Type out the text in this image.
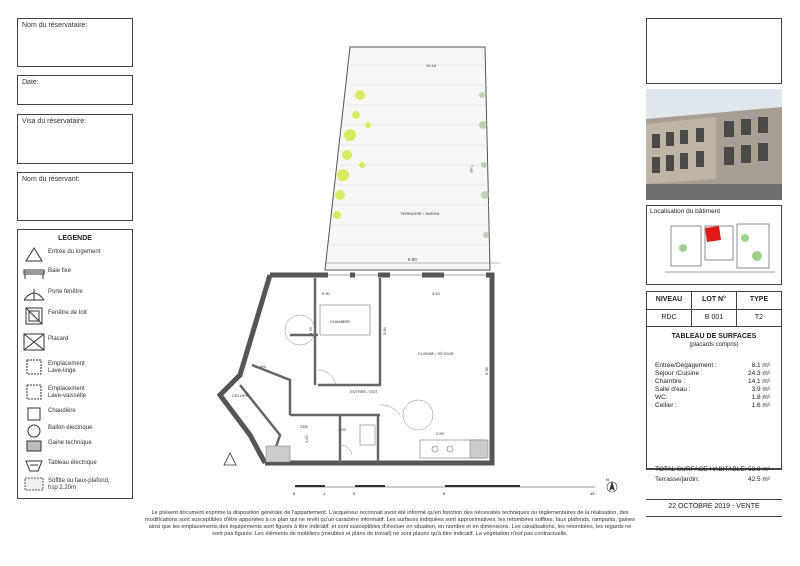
Nom du réservataire:
Date:
Visa du réservataire:
Nom du réservant:
LEGENDE
Entrée du logement
Baie fixe
Porte fenêtre
Fenêtre de toit
Placard
Emplacement
Lave-linge
Emplacement
Lave-vaisselle
Chaudière
Ballon électrique
Gaine technique
Tableau électrique
Soffite ou faux-plafond,
hsp 2.20m
TERRASSE / JARDIN
10.16
7.63
6.50
CHAMBRE
CUISINE / SÉJOUR
ENTRÉE / DGT
WC
SDE
CELLIER
0.90	3.53
3.78	3.84
6.38
2.69
1.93
1.62
0	1	2	5	10
N
Localisation du bâtiment
NIVEAU	LOT N°	TYPE
RDC	B 001	T2
TABLEAU DE SURFACES
(placards compris)
Entrée/Dégagement :	8.1 m²
Séjour /Cuisine :	24.3 m²
Chambre :	14.1 m²
Salle d'eau :	3.9 m²
WC:	1.8 m²
Cellier :	1.6 m²
TOTAL SURFACE HABITABLE: 53.8 m²
Terrasse/jardin:	42.5 m²
22 OCTOBRE 2019 - VENTE
Le présent document exprime la disposition générale de l'appartement. L'acquéreur reconnait avoir été informé qu'en fonction des nécessités techniques ou réglementaires de la réalisation, des modifications sont susceptibles d'être apportées à ce plan qui ne revêt qu'un caractère informatif. Les surfaces indiquées sont approximatives, les retombées soffites, faux plafonds, rampants, gaines ainsi que les emplacements des équipements sont figurés à titre indicatif. et sont susceptibles d'évoluer en situation, en nombre et en dimensions. Les canalisations, les retombées, les regards ne sont pas figurés. Les éléments de mobiliers (meubles et plans de travail) ne sont placés qu'à titre indicatif. La végétation n'est pas contractuelle.
